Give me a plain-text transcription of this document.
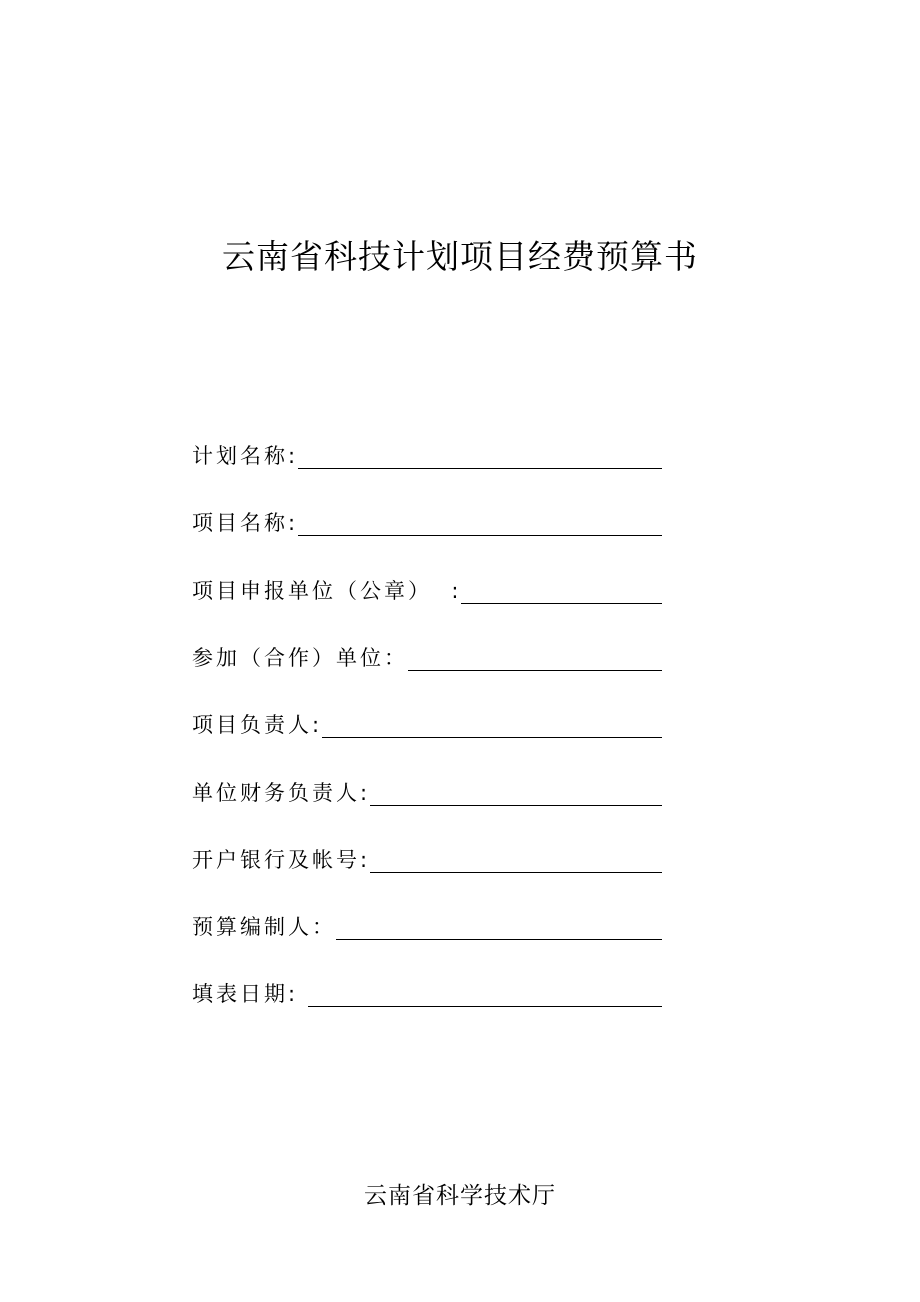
云南省科技计划项目经费预算书
计划名称:
项目名称:
项目申报单位（公章）  :
参加（合作）单位：
项目负责人:
单位财务负责人:
开户银行及帐号:
预算编制人：
填表日期:
云南省科学技术厅
